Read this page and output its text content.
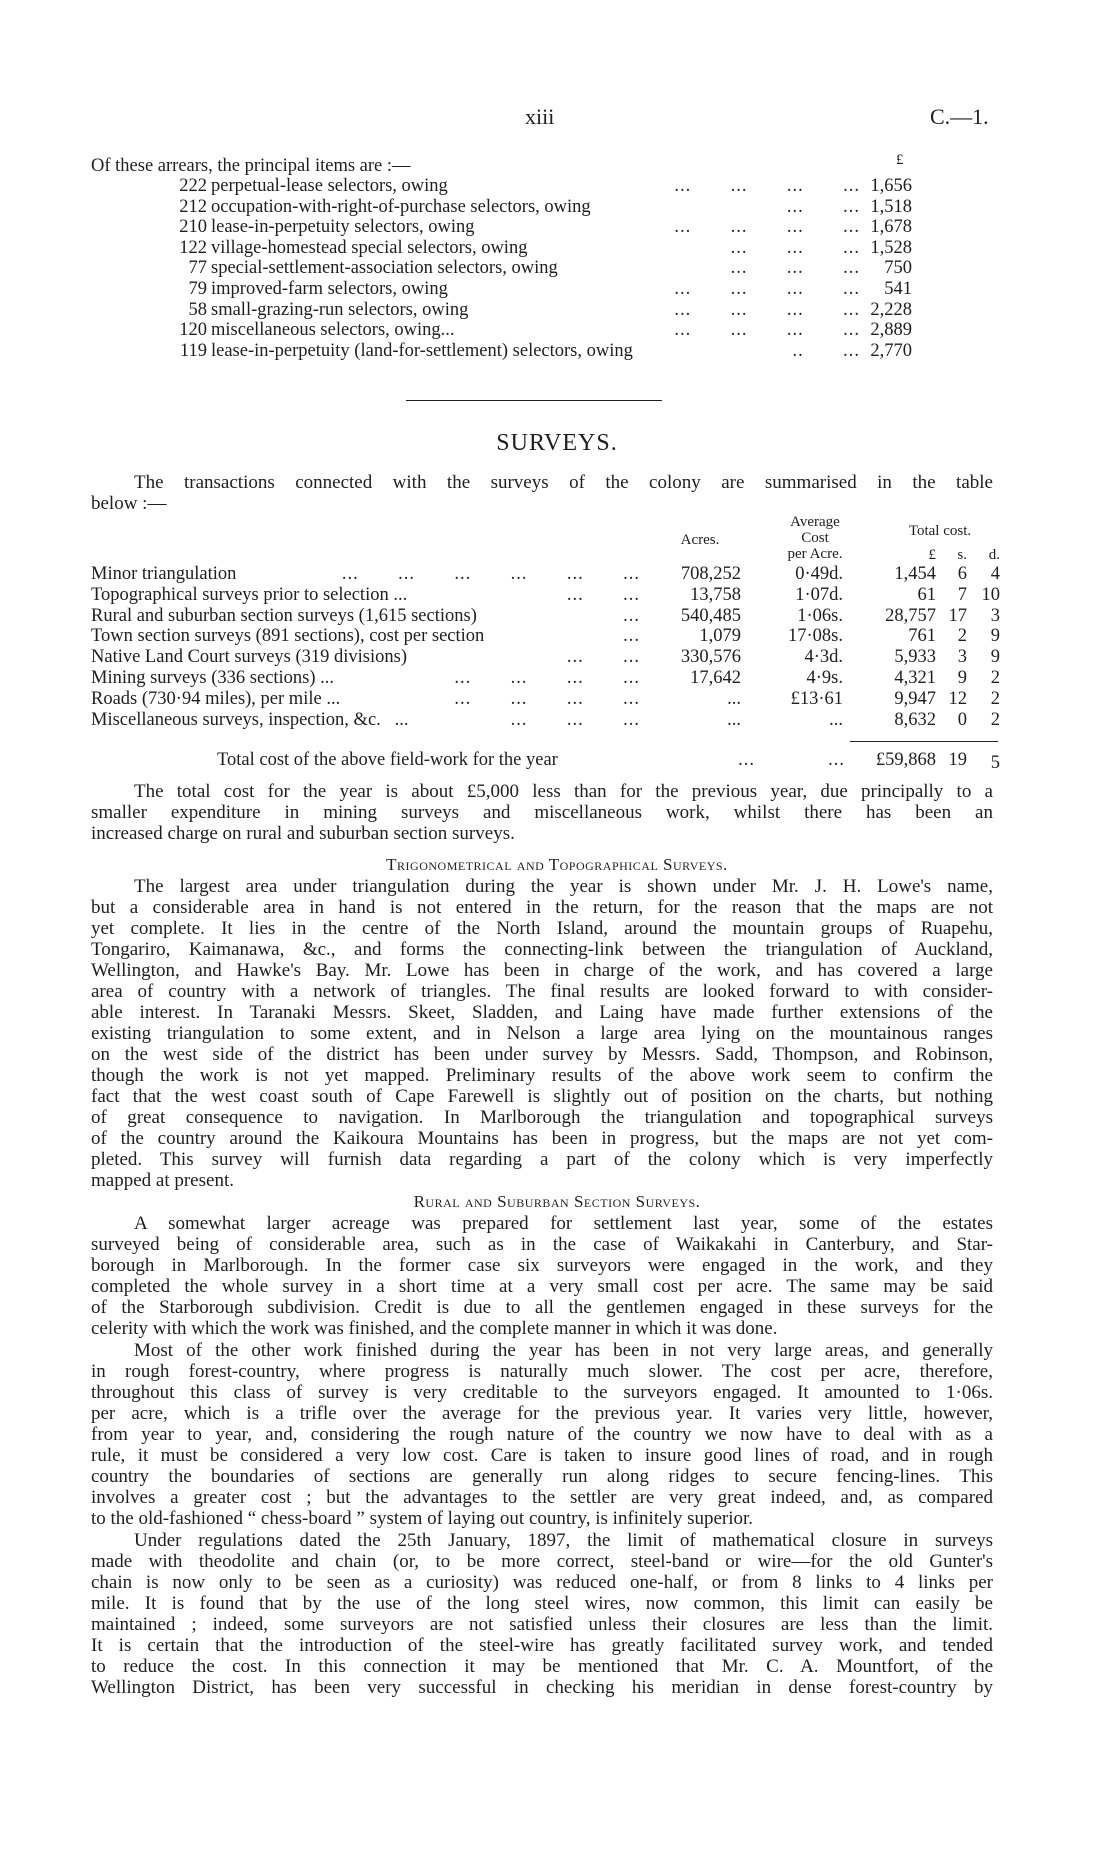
xiii	C.—1.
Of these arrears, the principal items are :—	£
222 perpetual-lease selectors, owing	...       ...       ...       ... 1,656
212 occupation-with-right-of-purchase selectors, owing	...       ... 1,518
210 lease-in-perpetuity selectors, owing	...       ...       ...       ... 1,678
122 village-homestead special selectors, owing	...       ...       ... 1,528
77 special-settlement-association selectors, owing	...       ...       ... 750
79 improved-farm selectors, owing	...       ...       ...       ... 541
58 small-grazing-run selectors, owing	...       ...       ...       ... 2,228
120 miscellaneous selectors, owing...	...       ...       ...       ... 2,889
119 lease-in-perpetuity (land-for-settlement) selectors, owing	..       ... 2,770
SURVEYS.
The transactions connected with the surveys of the colony are summarised in the table
below :—
Acres.
Average
Cost
per Acre.
Total cost.
£ s. d.
Minor triangulation	...       ...       ...       ...       ...       ... 708,252	0·49d.	1,454 6 4
Topographical surveys prior to selection ...	...       ...	13,758	1·07d.	61 7 10
Rural and suburban section surveys (1,615 sections)	... 540,485	1·06s. 28,757 17 3
Town section surveys (891 sections), cost per section	...	1,079	17·08s.	761 2 9
Native Land Court surveys (319 divisions)	...       ... 330,576	4·3d.	5,933 3 9
Mining surveys (336 sections) ...	...       ...       ...       ...	17,642	4·9s.	4,321 9 2
Roads (730·94 miles), per mile ...	...       ...       ...       ...	...	£13·61	9,947 12 2
Miscellaneous surveys, inspection, &c.   ...	...       ...       ...	...	...	8,632 0 2
Total cost of the above field-work for the year	...             ... £59,868 19 5
The total cost for the year is about £5,000 less than for the previous year, due principally to a
smaller expenditure in mining surveys and miscellaneous work, whilst there has been an
increased charge on rural and suburban section surveys.
Trigonometrical and Topographical Surveys.
The largest area under triangulation during the year is shown under Mr. J. H. Lowe's name,
but a considerable area in hand is not entered in the return, for the reason that the maps are not
yet complete. It lies in the centre of the North Island, around the mountain groups of Ruapehu,
Tongariro, Kaimanawa, &c., and forms the connecting-link between the triangulation of Auckland,
Wellington, and Hawke's Bay. Mr. Lowe has been in charge of the work, and has covered a large
area of country with a network of triangles. The final results are looked forward to with consider-
able interest. In Taranaki Messrs. Skeet, Sladden, and Laing have made further extensions of the
existing triangulation to some extent, and in Nelson a large area lying on the mountainous ranges
on the west side of the district has been under survey by Messrs. Sadd, Thompson, and Robinson,
though the work is not yet mapped. Preliminary results of the above work seem to confirm the
fact that the west coast south of Cape Farewell is slightly out of position on the charts, but nothing
of great consequence to navigation. In Marlborough the triangulation and topographical surveys
of the country around the Kaikoura Mountains has been in progress, but the maps are not yet com-
pleted. This survey will furnish data regarding a part of the colony which is very imperfectly
mapped at present.
Rural and Suburban Section Surveys.
A somewhat larger acreage was prepared for settlement last year, some of the estates
surveyed being of considerable area, such as in the case of Waikakahi in Canterbury, and Star-
borough in Marlborough. In the former case six surveyors were engaged in the work, and they
completed the whole survey in a short time at a very small cost per acre. The same may be said
of the Starborough subdivision. Credit is due to all the gentlemen engaged in these surveys for the
celerity with which the work was finished, and the complete manner in which it was done.
Most of the other work finished during the year has been in not very large areas, and generally
in rough forest-country, where progress is naturally much slower. The cost per acre, therefore,
throughout this class of survey is very creditable to the surveyors engaged. It amounted to 1·06s.
per acre, which is a trifle over the average for the previous year. It varies very little, however,
from year to year, and, considering the rough nature of the country we now have to deal with as a
rule, it must be considered a very low cost. Care is taken to insure good lines of road, and in rough
country the boundaries of sections are generally run along ridges to secure fencing-lines. This
involves a greater cost ; but the advantages to the settler are very great indeed, and, as compared
to the old-fashioned “ chess-board ” system of laying out country, is infinitely superior.
Under regulations dated the 25th January, 1897, the limit of mathematical closure in surveys
made with theodolite and chain (or, to be more correct, steel-band or wire—for the old Gunter's
chain is now only to be seen as a curiosity) was reduced one-half, or from 8 links to 4 links per
mile. It is found that by the use of the long steel wires, now common, this limit can easily be
maintained ; indeed, some surveyors are not satisfied unless their closures are less than the limit.
It is certain that the introduction of the steel-wire has greatly facilitated survey work, and tended
to reduce the cost. In this connection it may be mentioned that Mr. C. A. Mountfort, of the
Wellington District, has been very successful in checking his meridian in dense forest-country by
